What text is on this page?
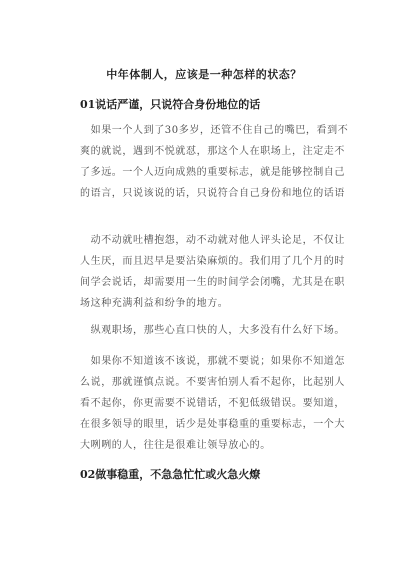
中年体制人，应该是一种怎样的状态？
01说话严谨，只说符合身份地位的话
　如果一个人到了30多岁，还管不住自己的嘴巴，看到不
爽的就说，遇到不悦就怼，那这个人在职场上，注定走不
了多远。一个人迈向成熟的重要标志，就是能够控制自己
的语言，只说该说的话，只说符合自己身份和地位的话语
　动不动就吐槽抱怨，动不动就对他人评头论足，不仅让
人生厌，而且迟早是要沾染麻烦的。我们用了几个月的时
间学会说话，却需要用一生的时间学会闭嘴，尤其是在职
场这种充满利益和纷争的地方。
　纵观职场，那些心直口快的人，大多没有什么好下场。
　如果你不知道该不该说，那就不要说；如果你不知道怎
么说，那就谨慎点说。不要害怕别人看不起你，比起别人
看不起你，你更需要不说错话，不犯低级错误。要知道，
在很多领导的眼里，话少是处事稳重的重要标志，一个大
大咧咧的人，往往是很难让领导放心的。
02做事稳重，不急急忙忙或火急火燎
